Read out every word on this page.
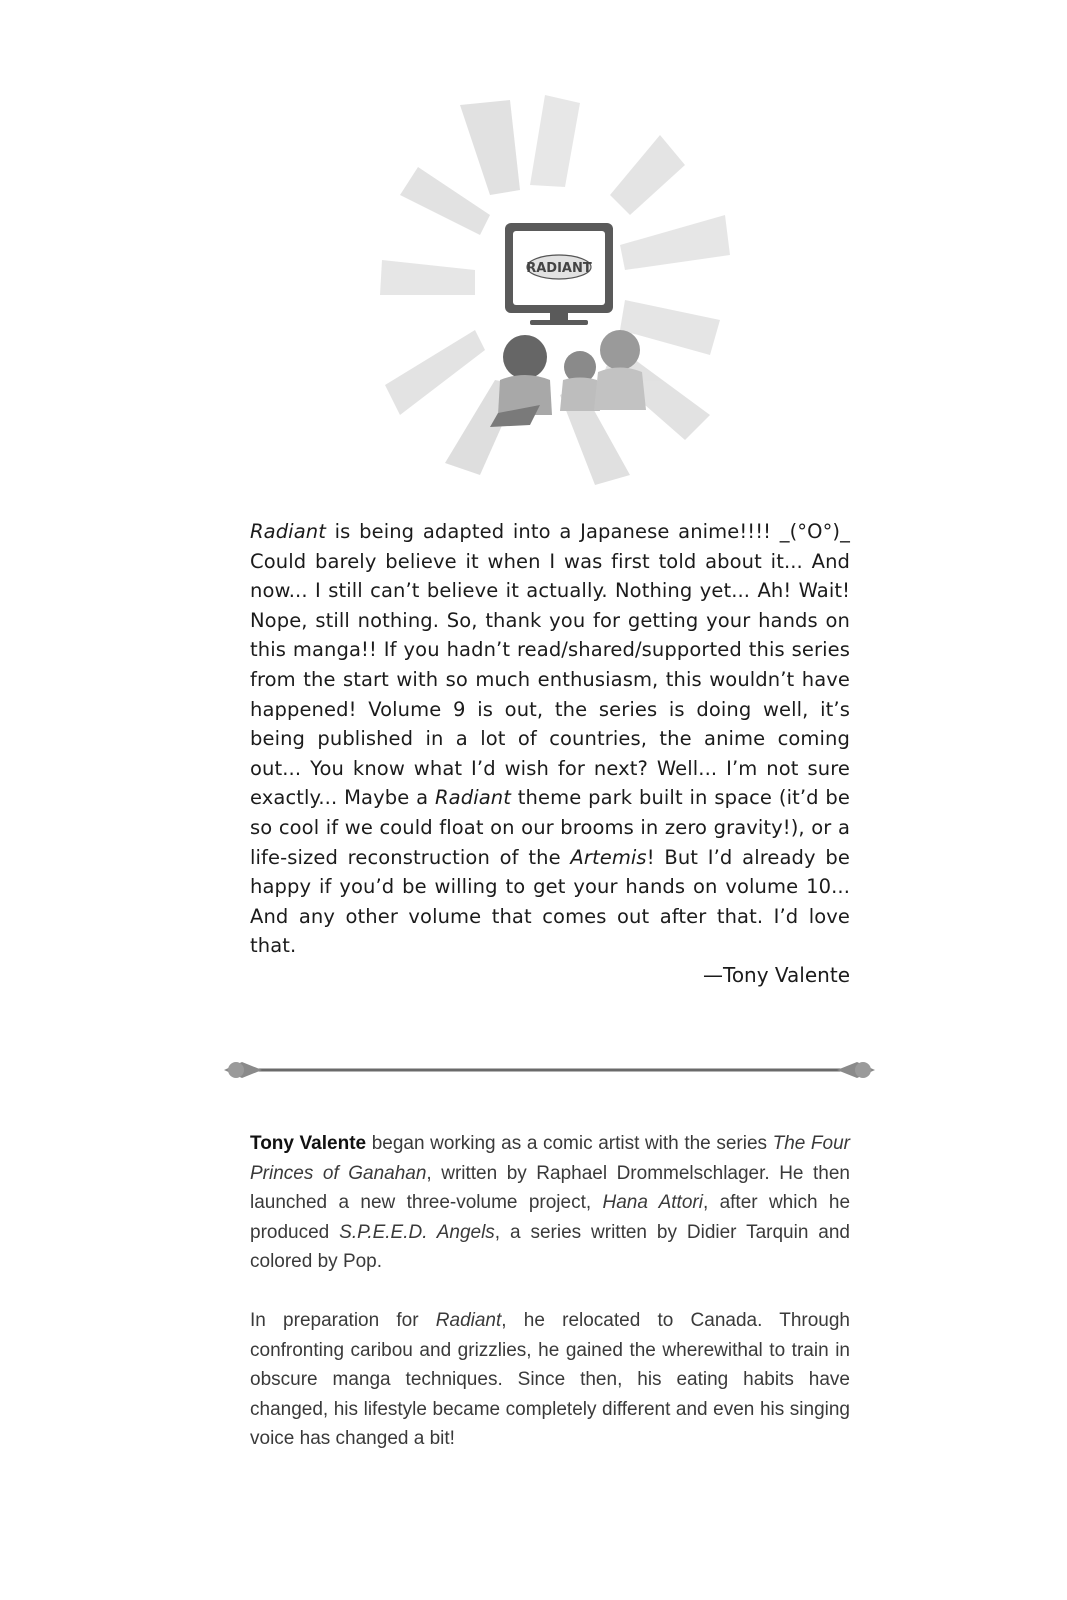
RADIANT

Radiant is being adapted into a Japanese anime!!!! _(°O°)_ Could barely believe it when I was first told about it... And now... I still can’t believe it actually. Nothing yet... Ah! Wait! Nope, still nothing. So, thank you for getting your hands on this manga!! If you hadn’t read/shared/supported this series from the start with so much enthusiasm, this wouldn’t have happened! Volume 9 is out, the series is doing well, it’s being published in a lot of countries, the anime coming out... You know what I’d wish for next? Well... I’m not sure exactly... Maybe a Radiant theme park built in space (it’d be so cool if we could float on our brooms in zero gravity!), or a life-sized reconstruction of the Artemis! But I’d already be happy if you’d be willing to get your hands on volume 10... And any other volume that comes out after that. I’d love that.

—Tony Valente

Tony Valente began working as a comic artist with the series The Four Princes of Ganahan, written by Raphael Drommelschlager. He then launched a new three-volume project, Hana Attori, after which he produced S.P.E.E.D. Angels, a series written by Didier Tarquin and colored by Pop.

In preparation for Radiant, he relocated to Canada. Through confronting caribou and grizzlies, he gained the wherewithal to train in obscure manga techniques. Since then, his eating habits have changed, his lifestyle became completely different and even his singing voice has changed a bit!
